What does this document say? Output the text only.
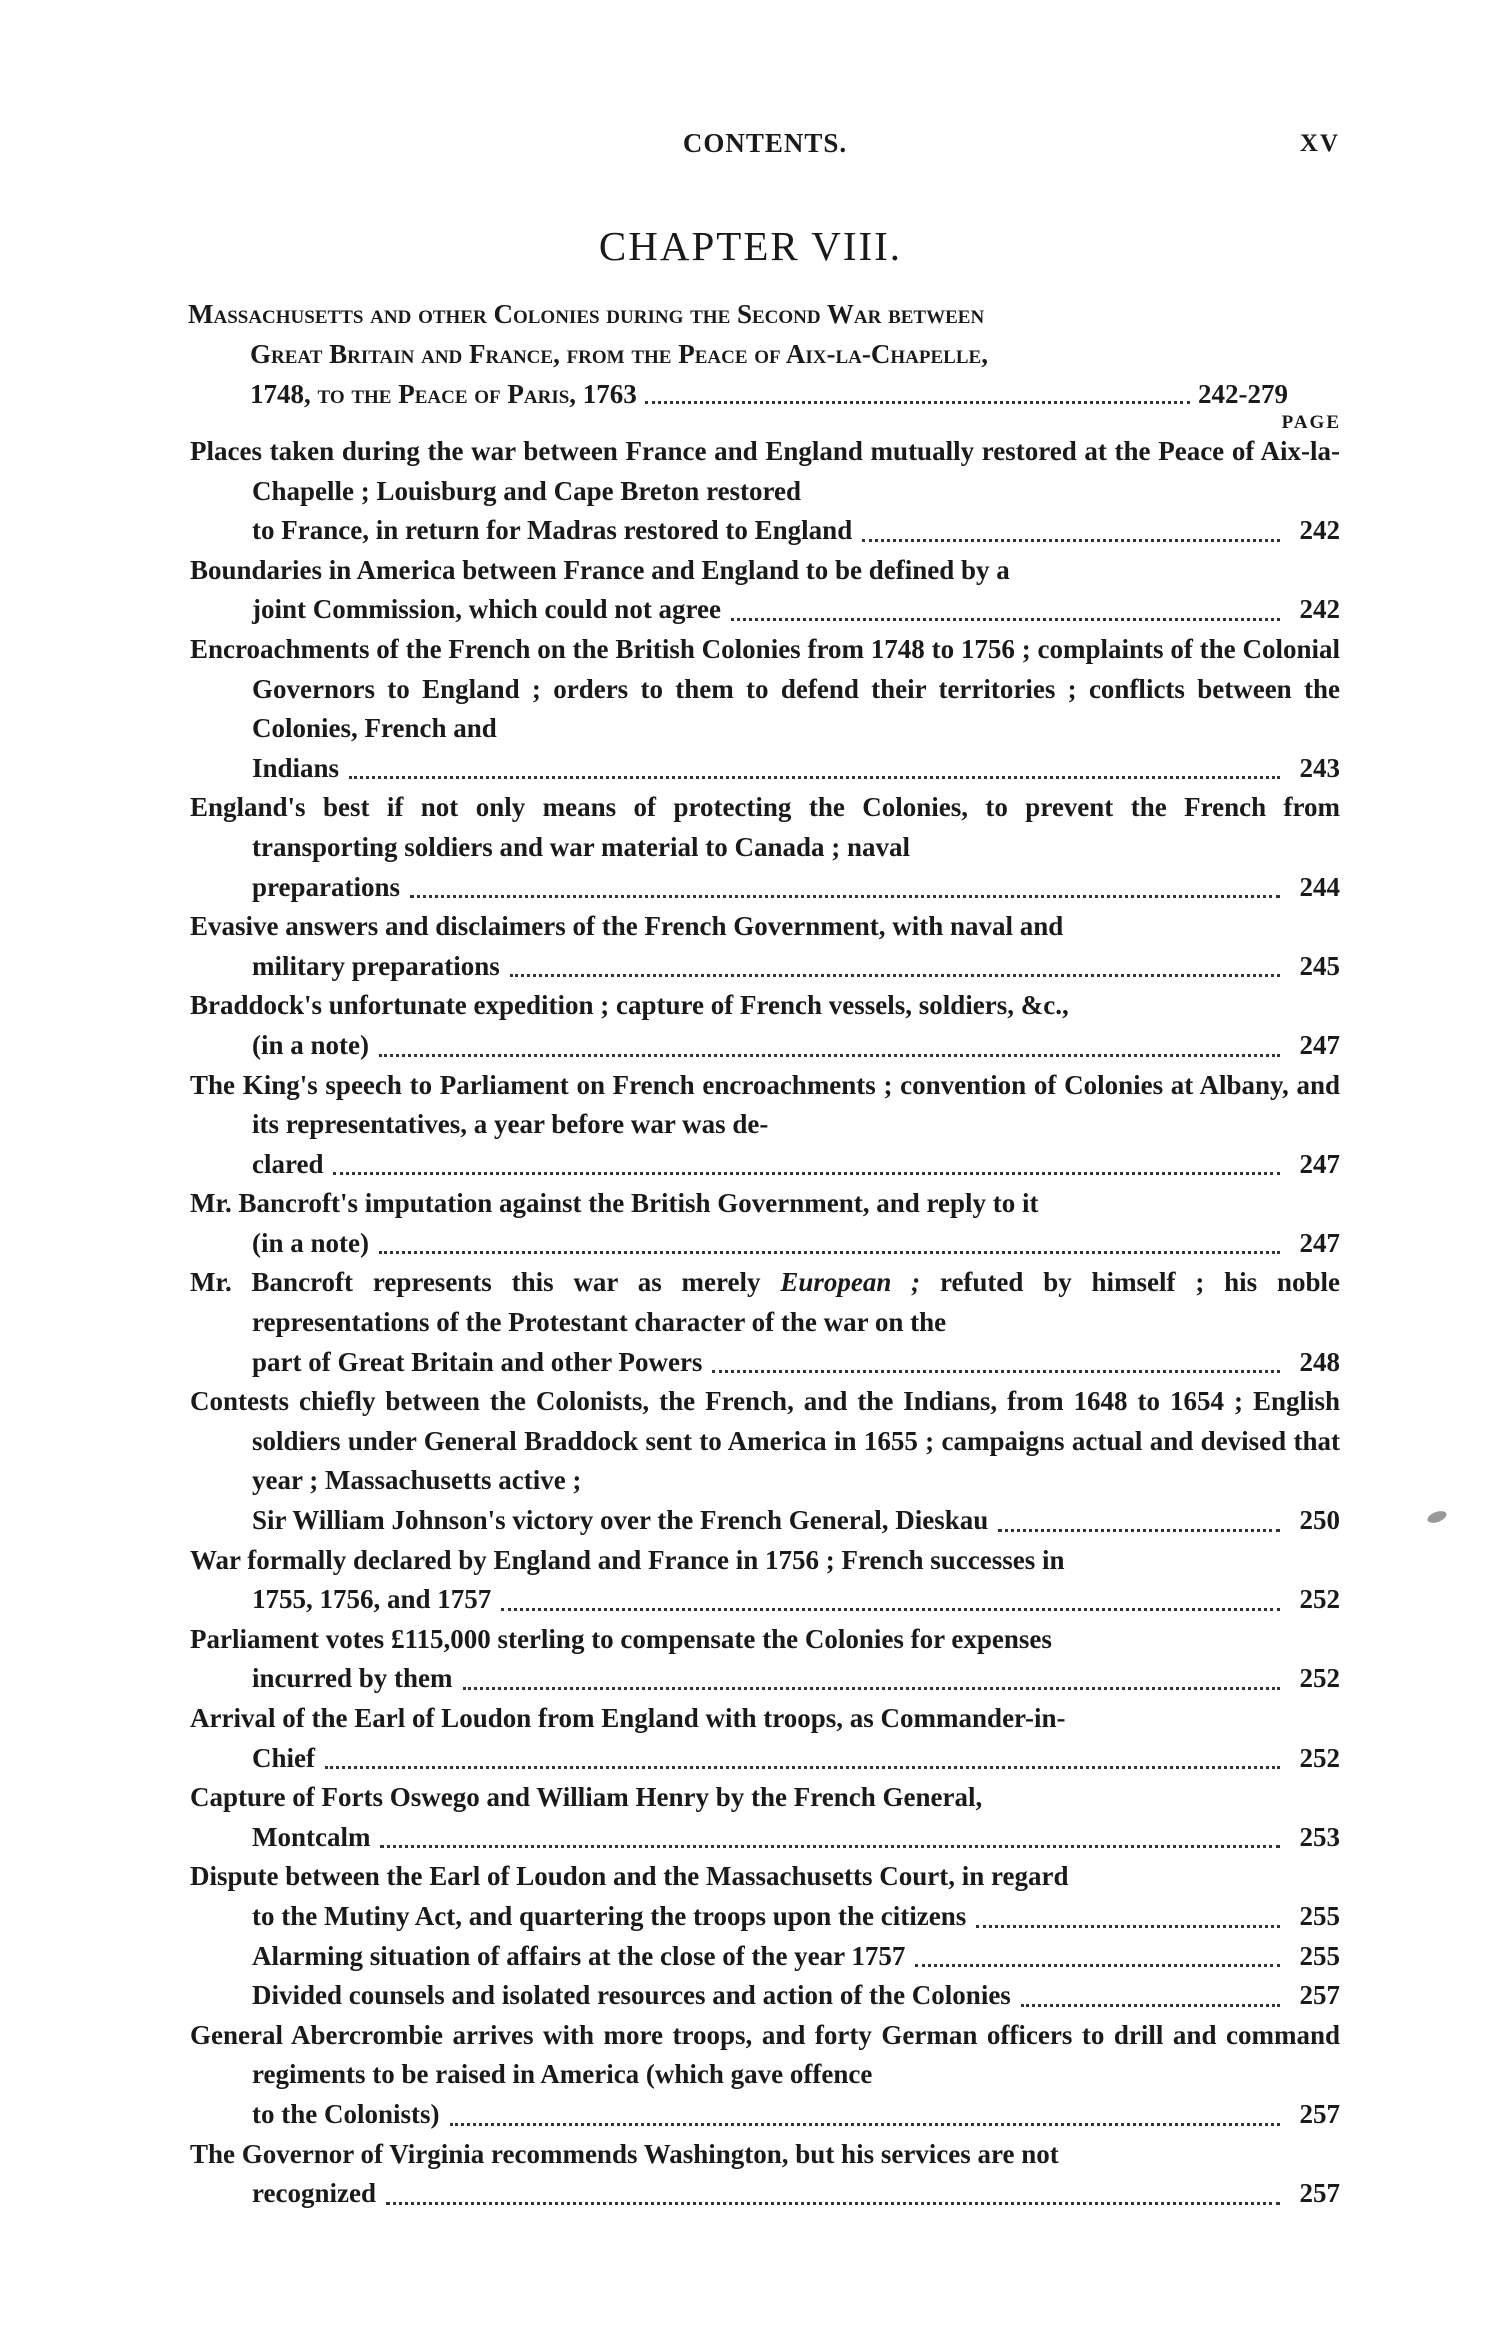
CONTENTS.	XV
CHAPTER VIII.
Massachusetts and other Colonies during the Second War between
Great Britain and France, from the Peace of Aix-la-Chapelle,
1748, to the Peace of Paris, 1763	242-279
PAGE
Places taken during the war between France and England mutually restored at the Peace of Aix-la-Chapelle ; Louisburg and Cape Breton restored
to France, in return for Madras restored to England	242
Boundaries in America between France and England to be defined by a
joint Commission, which could not agree	242
Encroachments of the French on the British Colonies from 1748 to 1756 ; complaints of the Colonial Governors to England ; orders to them to defend their territories ; conflicts between the Colonies, French and
Indians	243
England's best if not only means of protecting the Colonies, to prevent the French from transporting soldiers and war material to Canada ; naval
preparations	244
Evasive answers and disclaimers of the French Government, with naval and
military preparations	245
Braddock's unfortunate expedition ; capture of French vessels, soldiers, &c.,
(in a note)	247
The King's speech to Parliament on French encroachments ; convention of Colonies at Albany, and its representatives, a year before war was de-
clared	247
Mr. Bancroft's imputation against the British Government, and reply to it
(in a note)	247
Mr. Bancroft represents this war as merely European ; refuted by himself ; his noble representations of the Protestant character of the war on the
part of Great Britain and other Powers	248
Contests chiefly between the Colonists, the French, and the Indians, from 1648 to 1654 ; English soldiers under General Braddock sent to America in 1655 ; campaigns actual and devised that year ; Massachusetts active ;
Sir William Johnson's victory over the French General, Dieskau	250
War formally declared by England and France in 1756 ; French successes in
1755, 1756, and 1757	252
Parliament votes £115,000 sterling to compensate the Colonies for expenses
incurred by them	252
Arrival of the Earl of Loudon from England with troops, as Commander-in-
Chief	252
Capture of Forts Oswego and William Henry by the French General,
Montcalm	253
Dispute between the Earl of Loudon and the Massachusetts Court, in regard
to the Mutiny Act, and quartering the troops upon the citizens	255
Alarming situation of affairs at the close of the year 1757	255
Divided counsels and isolated resources and action of the Colonies	257
General Abercrombie arrives with more troops, and forty German officers to drill and command regiments to be raised in America (which gave offence
to the Colonists)	257
The Governor of Virginia recommends Washington, but his services are not
recognized	257
